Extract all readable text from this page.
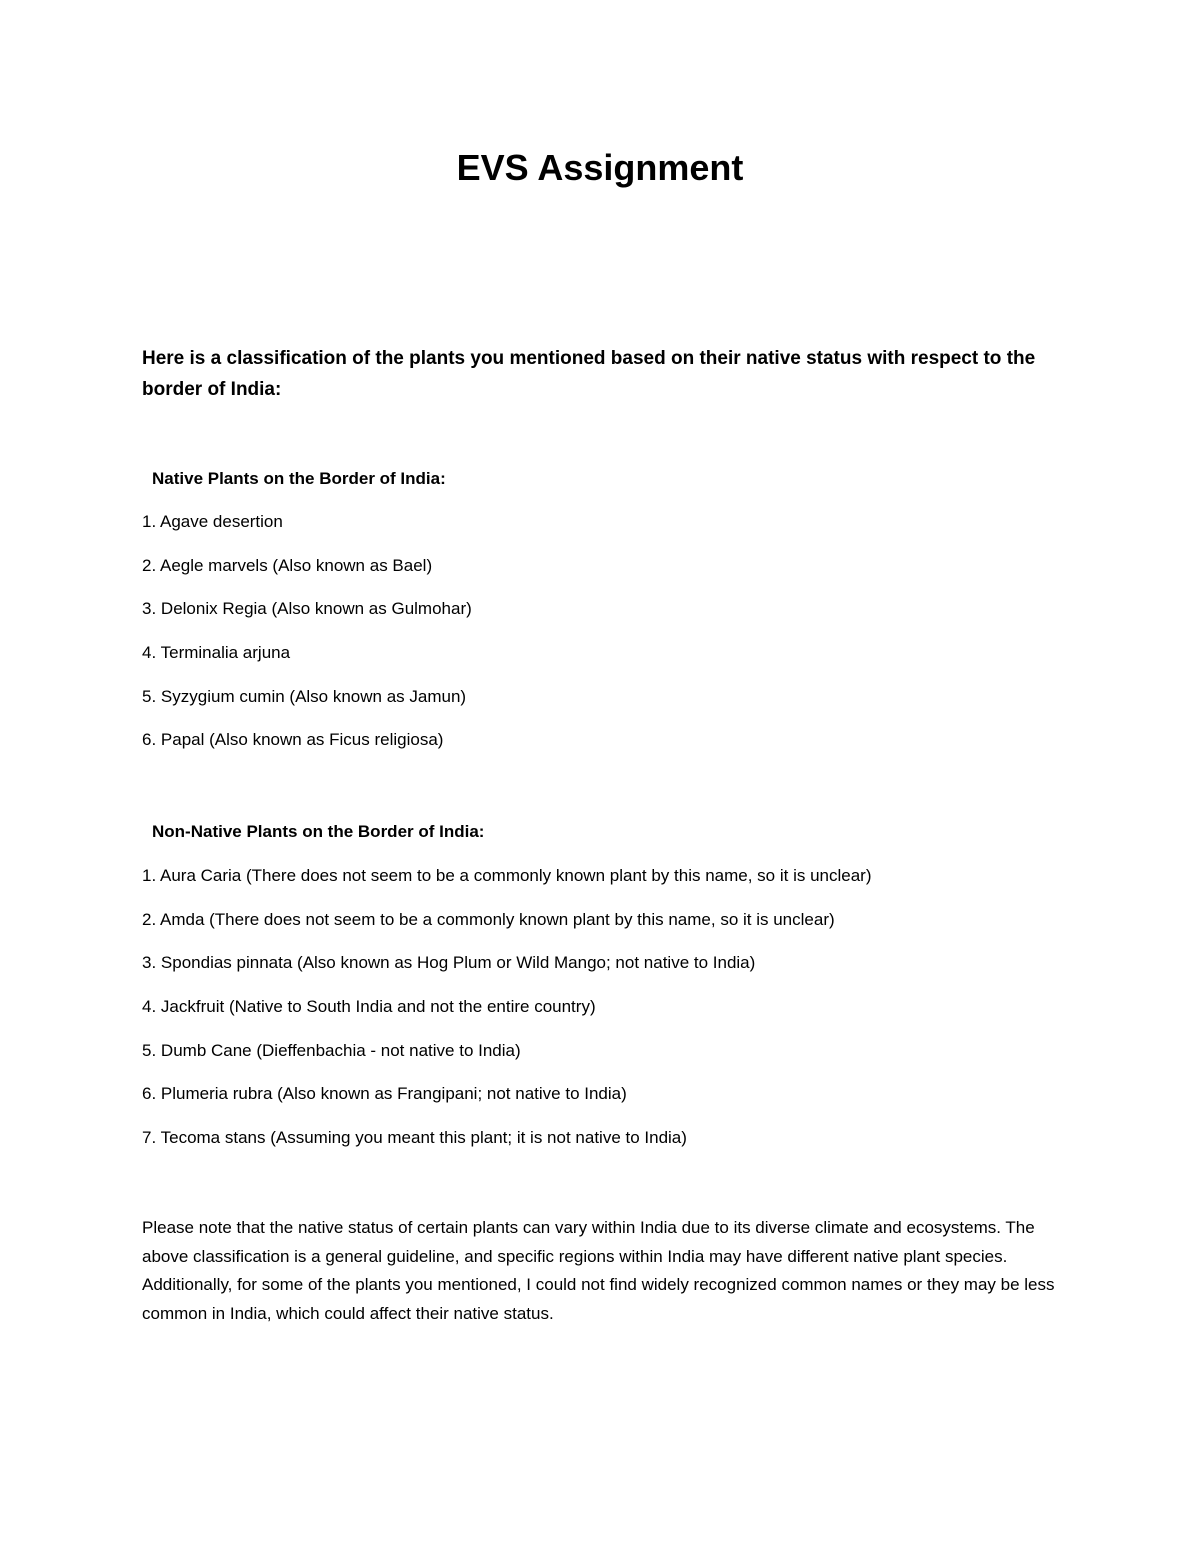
EVS Assignment
Here is a classification of the plants you mentioned based on their native status with respect to the border of India:
Native Plants on the Border of India:
1. Agave desertion
2. Aegle marvels (Also known as Bael)
3. Delonix Regia (Also known as Gulmohar)
4. Terminalia arjuna
5. Syzygium cumin (Also known as Jamun)
6. Papal (Also known as Ficus religiosa)
Non-Native Plants on the Border of India:
1. Aura Caria (There does not seem to be a commonly known plant by this name, so it is unclear)
2. Amda (There does not seem to be a commonly known plant by this name, so it is unclear)
3. Spondias pinnata (Also known as Hog Plum or Wild Mango; not native to India)
4. Jackfruit (Native to South India and not the entire country)
5. Dumb Cane (Dieffenbachia - not native to India)
6. Plumeria rubra (Also known as Frangipani; not native to India)
7. Tecoma stans (Assuming you meant this plant; it is not native to India)
Please note that the native status of certain plants can vary within India due to its diverse climate and ecosystems. The above classification is a general guideline, and specific regions within India may have different native plant species. Additionally, for some of the plants you mentioned, I could not find widely recognized common names or they may be less common in India, which could affect their native status.
